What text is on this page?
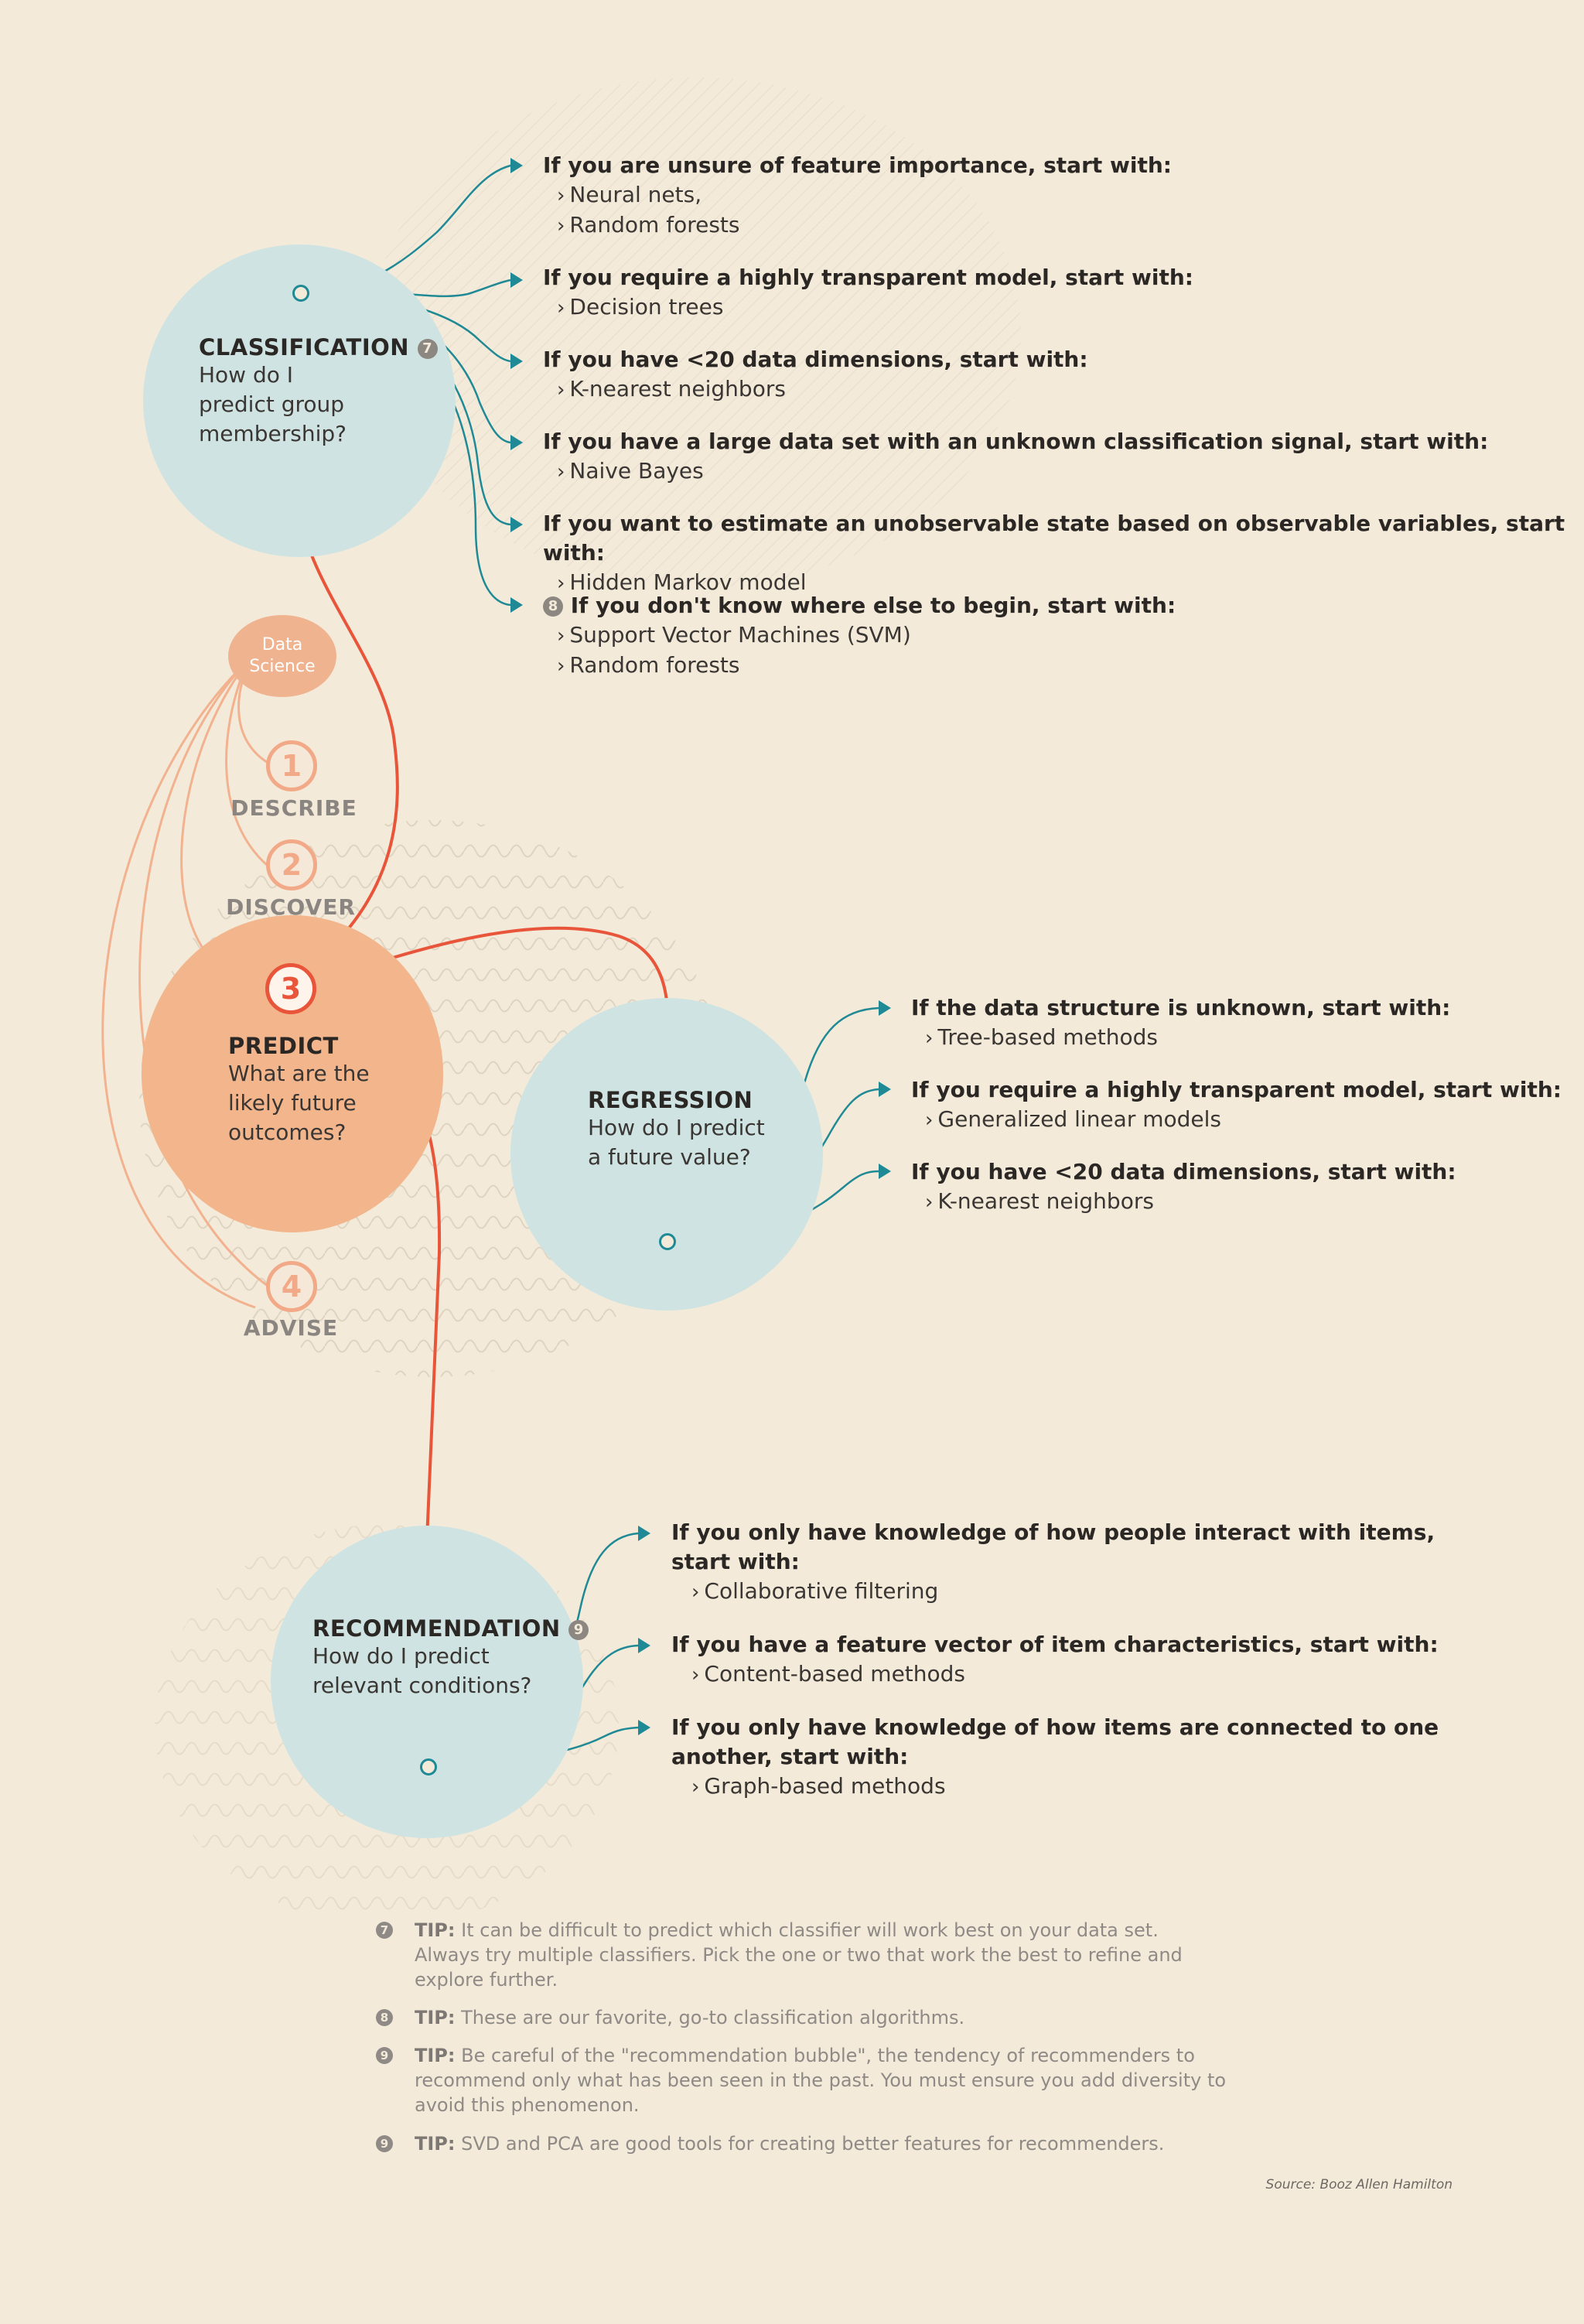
Data
Science
1
DESCRIBE
2
DISCOVER
3
4
ADVISE
PREDICT
What are the
likely future
outcomes?
CLASSIFICATION 7
How do I
predict group
membership?
REGRESSION
How do I predict
a future value?
RECOMMENDATION 9
How do I predict
relevant conditions?
If you are unsure of feature importance, start with:
› Neural nets,
› Random forests
If you require a highly transparent model, start with:
› Decision trees
If you have <20 data dimensions, start with:
› K-nearest neighbors
If you have a large data set with an unknown classification signal, start with:
› Naive Bayes
If you want to estimate an unobservable state based on observable variables, start with:
› Hidden Markov model
8 If you don't know where else to begin, start with:
› Support Vector Machines (SVM)
› Random forests
If the data structure is unknown, start with:
› Tree-based methods
If you require a highly transparent model, start with:
› Generalized linear models
If you have <20 data dimensions, start with:
› K-nearest neighbors
If you only have knowledge of how people interact with items,
start with:
› Collaborative filtering
If you have a feature vector of item characteristics, start with:
› Content-based methods
If you only have knowledge of how items are connected to one
another, start with:
› Graph-based methods
7 TIP: It can be difficult to predict which classifier will work best on your data set.
Always try multiple classifiers. Pick the one or two that work the best to refine and
explore further.
8 TIP: These are our favorite, go-to classification algorithms.
9 TIP: Be careful of the "recommendation bubble", the tendency of recommenders to
recommend only what has been seen in the past. You must ensure you add diversity to
avoid this phenomenon.
9 TIP: SVD and PCA are good tools for creating better features for recommenders.
Source: Booz Allen Hamilton
